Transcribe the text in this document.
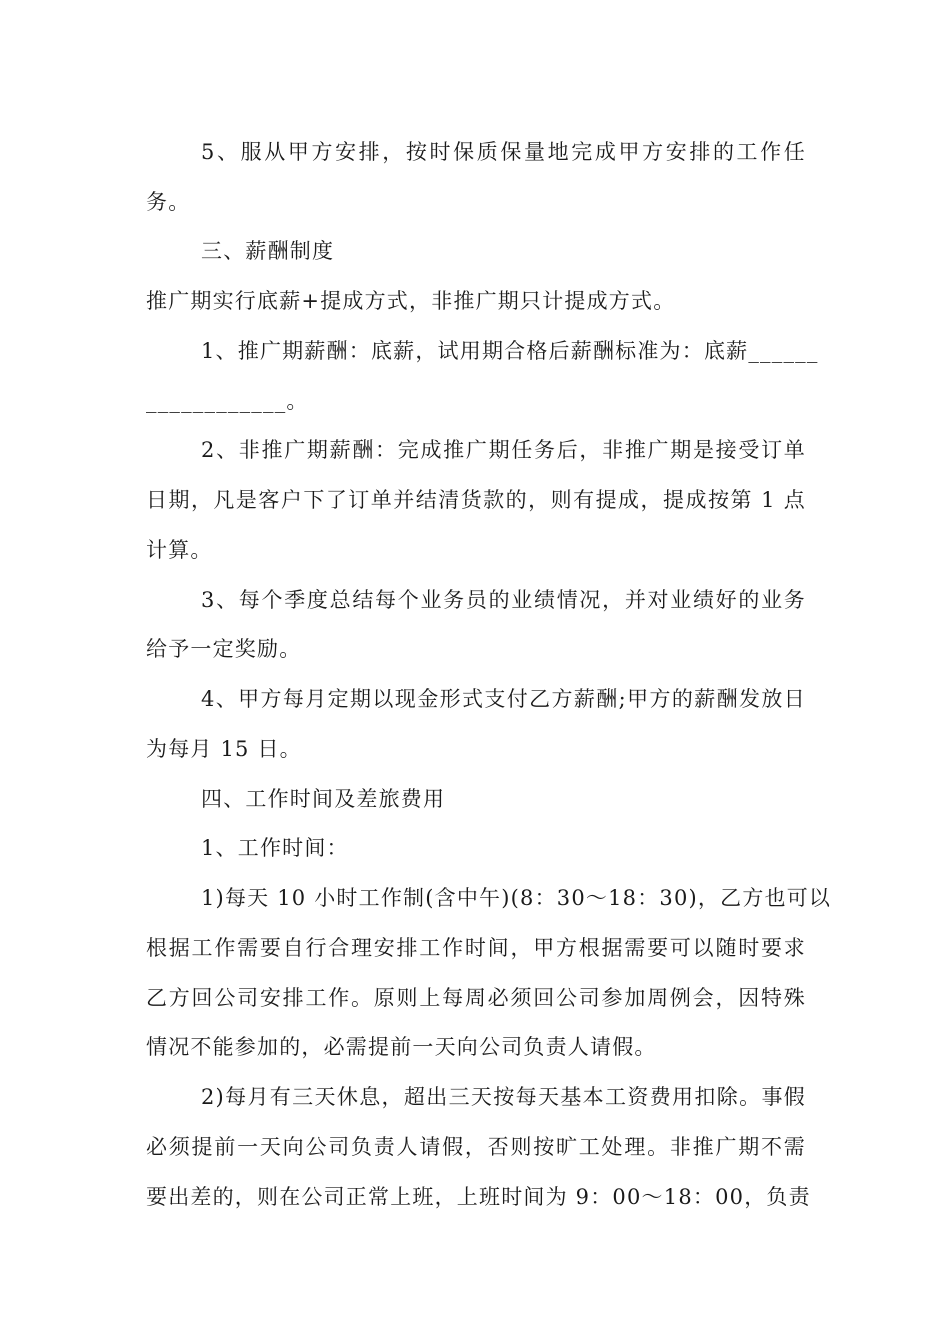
5、服从甲方安排，按时保质保量地完成甲方安排的工作任
务。
三、薪酬制度
推广期实行底薪+提成方式，非推广期只计提成方式。
1、推广期薪酬：底薪，试用期合格后薪酬标准为：底薪______
____________。
2、非推广期薪酬：完成推广期任务后，非推广期是接受订单
日期，凡是客户下了订单并结清货款的，则有提成，提成按第 1 点
计算。
3、每个季度总结每个业务员的业绩情况，并对业绩好的业务
给予一定奖励。
4、甲方每月定期以现金形式支付乙方薪酬;甲方的薪酬发放日
为每月 15 日。
四、工作时间及差旅费用
1、工作时间：
1)每天 10 小时工作制(含中午)(8：30～18：30)，乙方也可以
根据工作需要自行合理安排工作时间，甲方根据需要可以随时要求
乙方回公司安排工作。原则上每周必须回公司参加周例会，因特殊
情况不能参加的，必需提前一天向公司负责人请假。
2)每月有三天休息，超出三天按每天基本工资费用扣除。事假
必须提前一天向公司负责人请假，否则按旷工处理。非推广期不需
要出差的，则在公司正常上班，上班时间为 9：00～18：00，负责
